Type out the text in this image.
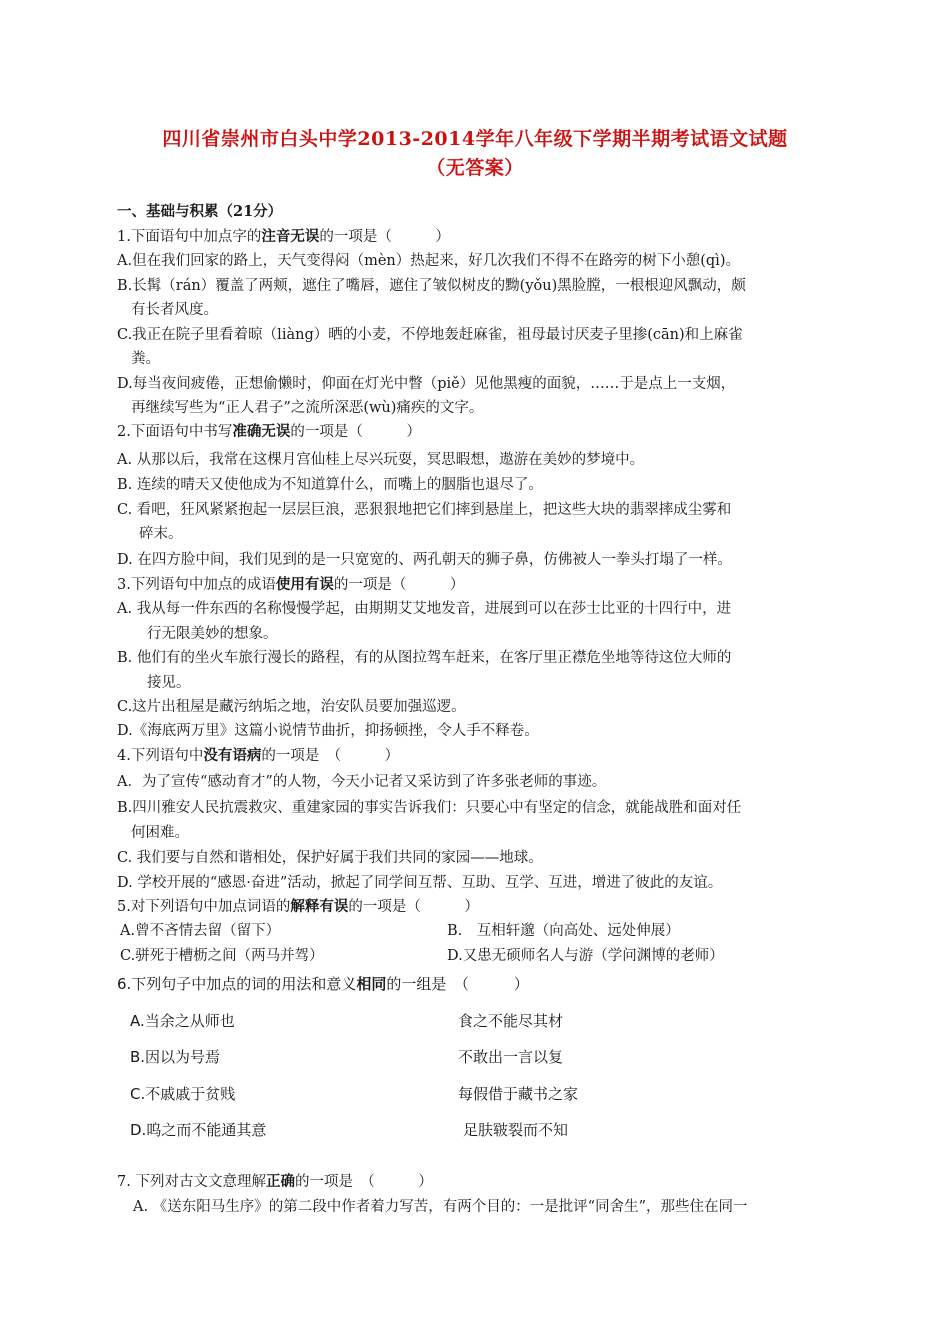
四川省崇州市白头中学2013-2014学年八年级下学期半期考试语文试题
（无答案）
一、基础与积累（21分）
1.下面语句中加点字的注音无误的一项是（　　　）
A.但在我们回家的路上，天气变得闷（mèn）热起来，好几次我们不得不在路旁的树下小憩(qì)。
B.长髯（rán）覆盖了两颊，遮住了嘴唇，遮住了皱似树皮的黝(yǒu)黑脸膛，一根根迎风飘动，颇
有长者风度。
C.我正在院子里看着晾（liàng）晒的小麦，不停地轰赶麻雀，祖母最讨厌麦子里掺(cān)和上麻雀
粪。
D.每当夜间疲倦，正想偷懒时，仰面在灯光中瞥（piě）见他黑瘦的面貌，……于是点上一支烟，
再继续写些为“正人君子”之流所深恶(wù)痛疾的文字。
2.下面语句中书写准确无误的一项是（　　　）
A. 从那以后，我常在这棵月宫仙桂上尽兴玩耍，冥思暇想，遨游在美妙的梦境中。
B. 连续的晴天又使他成为不知道算什么，而嘴上的胭脂也退尽了。
C. 看吧，狂风紧紧抱起一层层巨浪，恶狠狠地把它们摔到悬崖上，把这些大块的翡翠摔成尘雾和
碎末。
D. 在四方脸中间，我们见到的是一只宽宽的、两孔朝天的狮子鼻，仿佛被人一拳头打塌了一样。
3.下列语句中加点的成语使用有误的一项是（　　　）
A. 我从每一件东西的名称慢慢学起，由期期艾艾地发音，进展到可以在莎士比亚的十四行中，进
行无限美妙的想象。
B. 他们有的坐火车旅行漫长的路程，有的从图拉驾车赶来，在客厅里正襟危坐地等待这位大师的
接见。
C.这片出租屋是藏污纳垢之地，治安队员要加强巡逻。
D.《海底两万里》这篇小说情节曲折，抑扬顿挫，令人手不释卷。
4.下列语句中没有语病的一项是　（　　　）
A．为了宣传“感动育才”的人物，今天小记者又采访到了许多张老师的事迹。
B.四川雅安人民抗震救灾、重建家园的事实告诉我们：只要心中有坚定的信念，就能战胜和面对任
何困难。
C. 我们要与自然和谐相处，保护好属于我们共同的家园——地球。
D. 学校开展的“感恩·奋进”活动，掀起了同学间互帮、互助、互学、互进，增进了彼此的友谊。
5.对下列语句中加点词语的解释有误的一项是（　　　）
A.曾不吝情去留（留下）	B.　互相轩邈（向高处、远处伸展）
C.骈死于槽枥之间（两马并驾）	D.又患无硕师名人与游（学问渊博的老师）
6.下列句子中加点的词的用法和意义相同的一组是　（　　　）
A.当余之从师也	食之不能尽其材
B.因以为号焉	不敢出一言以复
C.不戚戚于贫贱	每假借于藏书之家
D.呜之而不能通其意	足肤皲裂而不知
7. 下列对古文文意理解正确的一项是　（　　　）
A. 《送东阳马生序》的第二段中作者着力写苦，有两个目的：一是批评“同舍生”，那些住在同一
